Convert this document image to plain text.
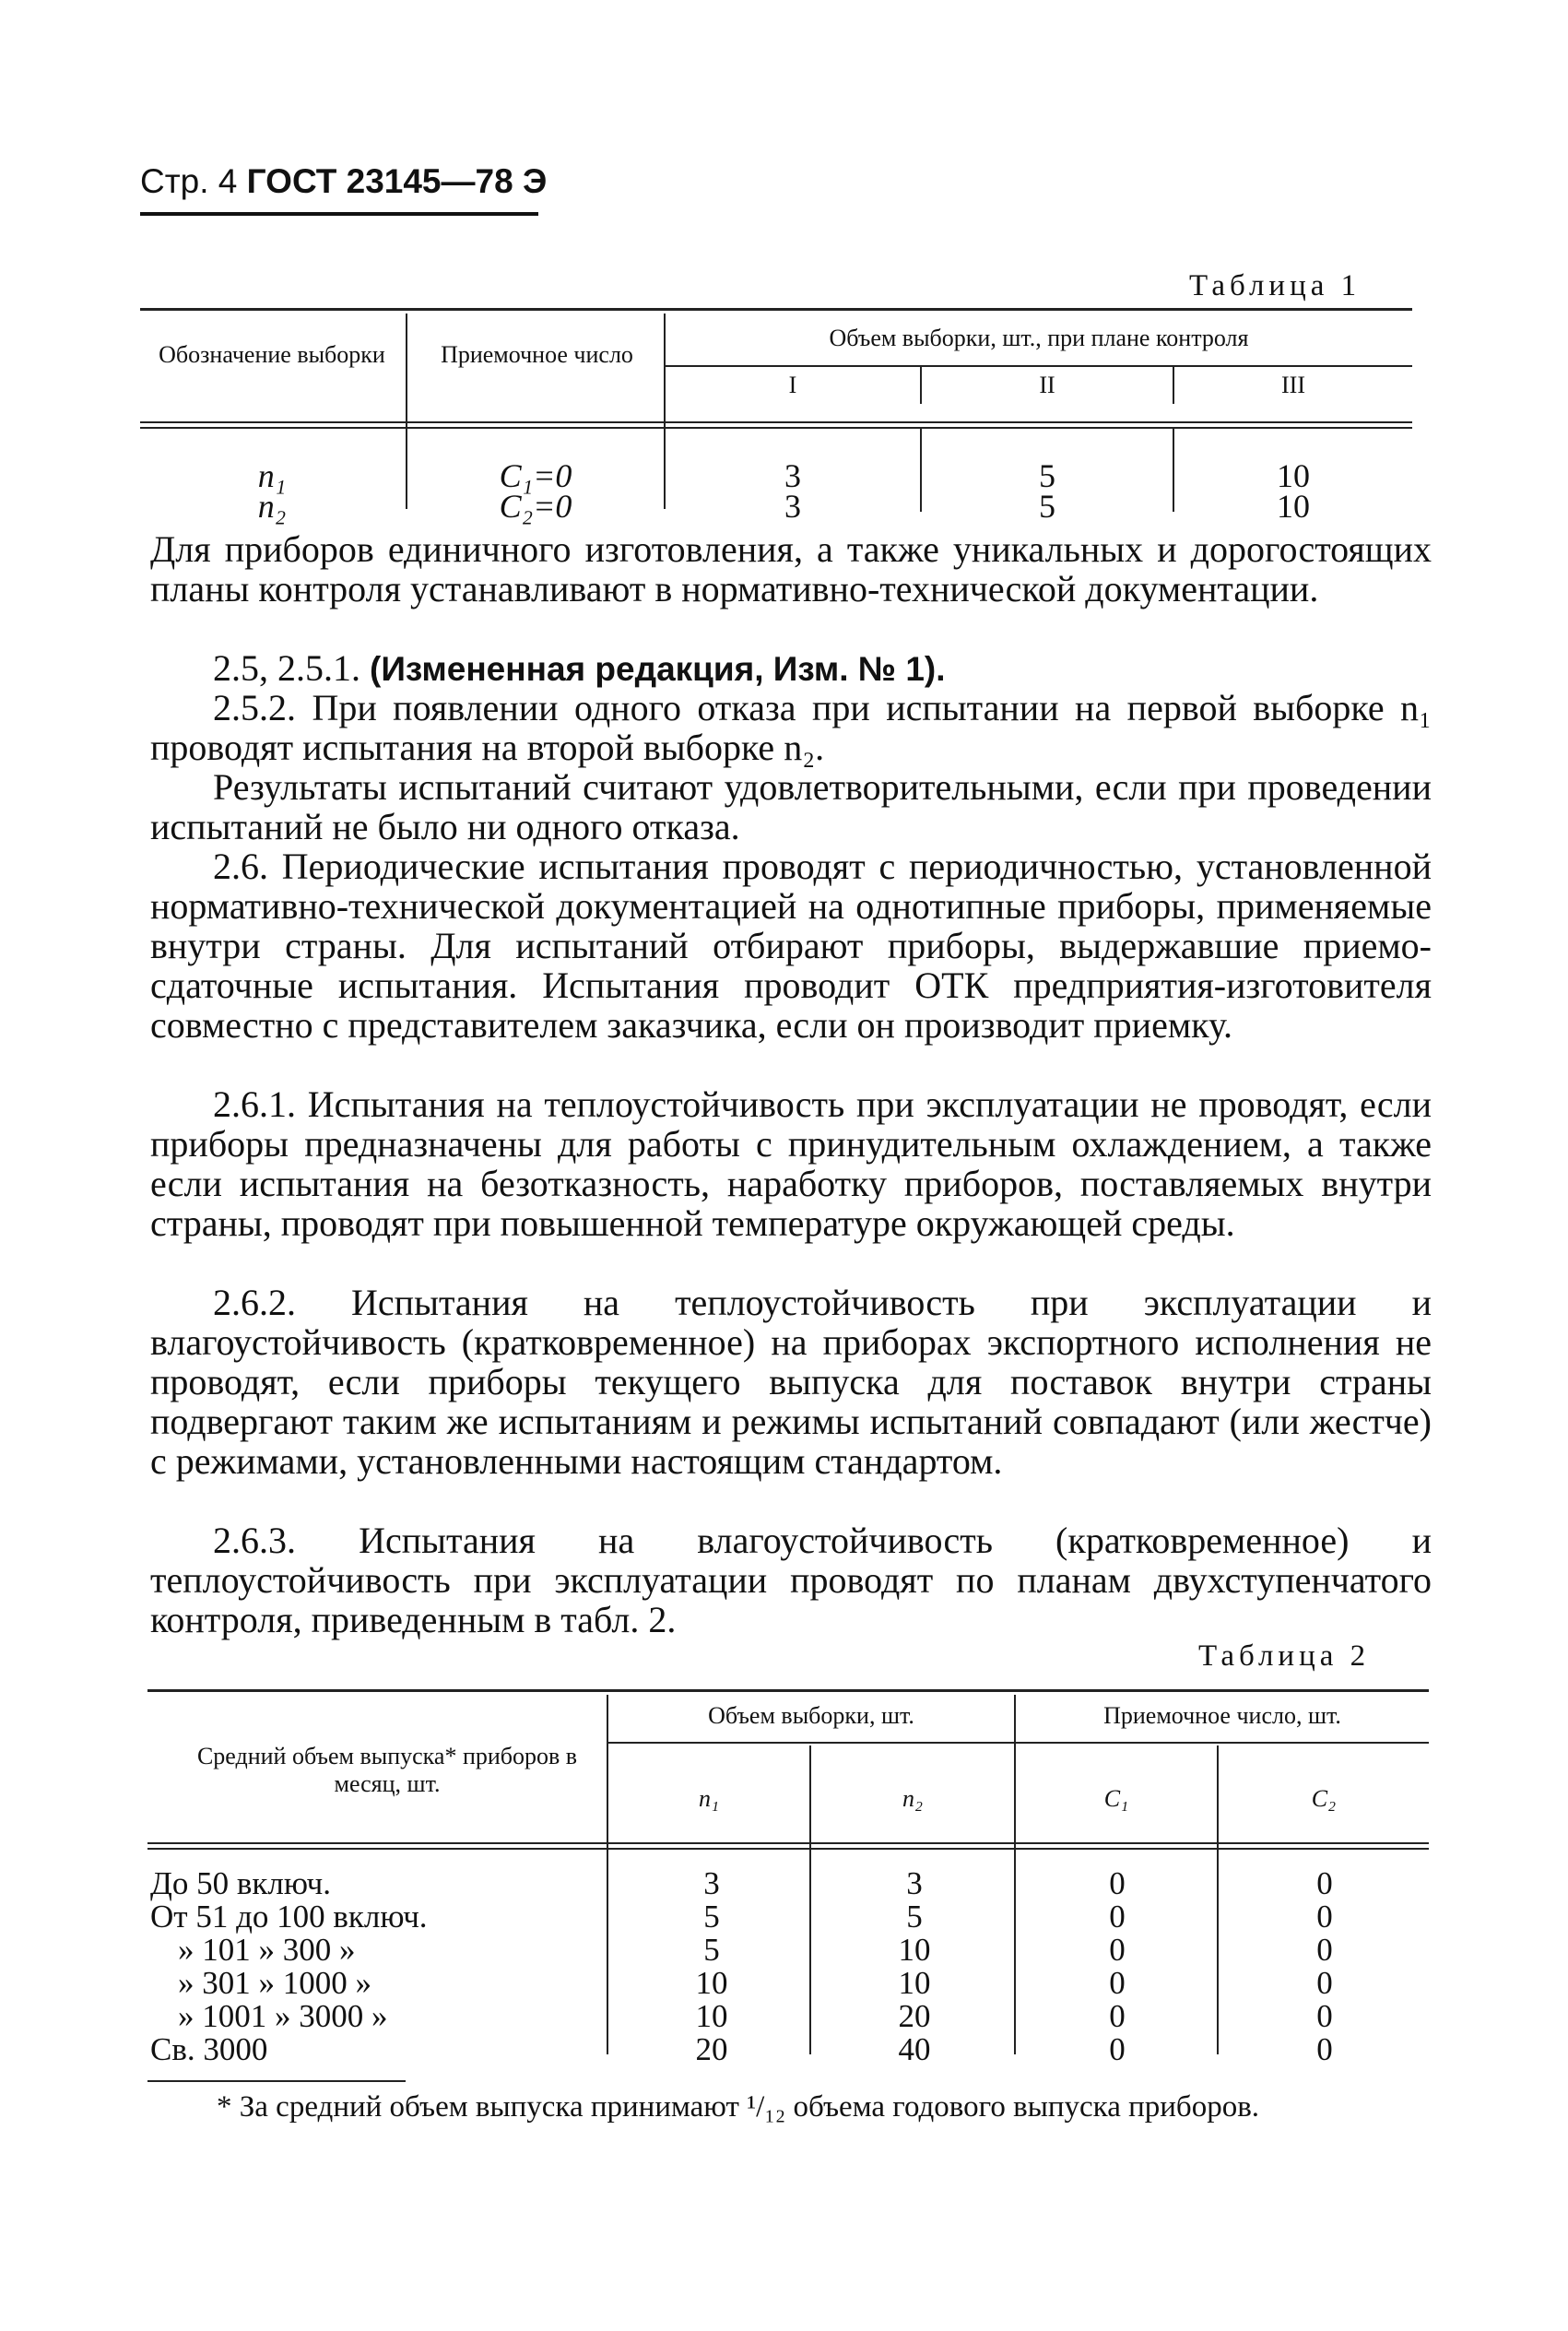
Стр. 4 ГОСТ 23145—78 Э
Таблица 1
Обозначение выборки	Приемочное число
Объем выборки, шт., при плане контроля
I	II	III
n₁	C₁=0	3	5	10
n₂	C₂=0	3	5	10
Для приборов единичного изготовления, а также уникальных и дорогостоящих планы контроля устанавливают в нормативно-технической документации.
2.5, 2.5.1. (Измененная редакция, Изм. № 1).
2.5.2. При появлении одного отказа при испытании на первой выборке n₁ проводят испытания на второй выборке n₂.
Результаты испытаний считают удовлетворительными, если при проведении испытаний не было ни одного отказа.
2.6. Периодические испытания проводят с периодичностью, установленной нормативно-технической документацией на однотипные приборы, применяемые внутри страны. Для испытаний отбирают приборы, выдержавшие приемо-сдаточные испытания. Испытания проводит ОТК предприятия-изготовителя совместно с представителем заказчика, если он производит приемку.
2.6.1. Испытания на теплоустойчивость при эксплуатации не проводят, если приборы предназначены для работы с принудительным охлаждением, а также если испытания на безотказность, наработку приборов, поставляемых внутри страны, проводят при повышенной температуре окружающей среды.
2.6.2. Испытания на теплоустойчивость при эксплуатации и влагоустойчивость (кратковременное) на приборах экспортного исполнения не проводят, если приборы текущего выпуска для поставок внутри страны подвергают таким же испытаниям и режимы испытаний совпадают (или жестче) с режимами, установленными настоящим стандартом.
2.6.3. Испытания на влагоустойчивость (кратковременное) и теплоустойчивость при эксплуатации проводят по планам двухступенчатого контроля, приведенным в табл. 2.
Таблица 2
Средний объем выпуска* приборов в месяц, шт.
Объем выборки, шт.	Приемочное число, шт.
n₁	n₂	C₁	C₂
До 50 включ.	3	3	0	0
От 51 до 100 включ.	5	5	0	0
» 101 » 300 »	5	10	0	0
» 301 » 1000 »	10	10	0	0
» 1001 » 3000 »	10	20	0	0
Св. 3000	20	40	0	0
* За средний объем выпуска принимают ¹/₁₂ объема годового выпуска приборов.
